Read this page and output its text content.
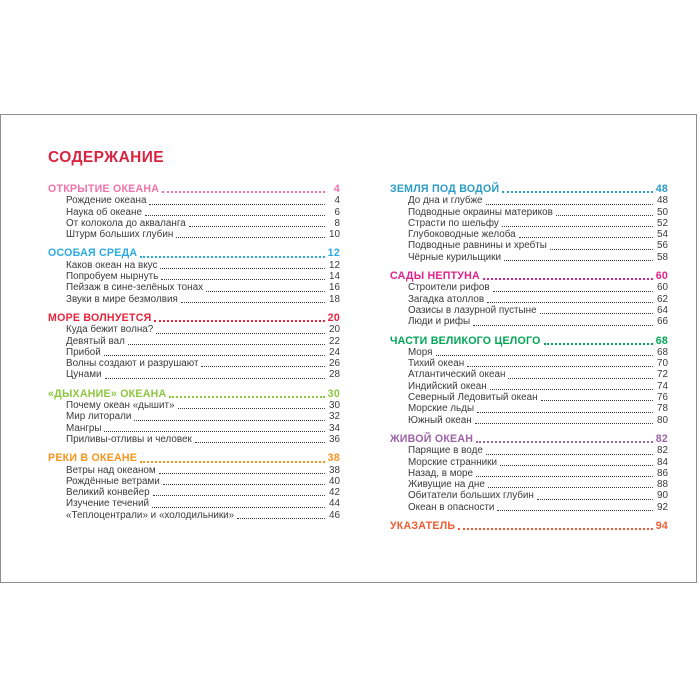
СОДЕРЖАНИЕ
ОТКРЫТИЕ ОКЕАНА	4
Рождение океана	4
Наука об океане	6
От колокола до акваланга	8
Штурм больших глубин	10
ОСОБАЯ СРЕДА	12
Каков океан на вкус	12
Попробуем нырнуть	14
Пейзаж в сине-зелёных тонах	16
Звуки в мире безмолвия	18
МОРЕ ВОЛНУЕТСЯ	20
Куда бежит волна?	20
Девятый вал	22
Прибой	24
Волны создают и разрушают	26
Цунами	28
«ДЫХАНИЕ» ОКЕАНА	30
Почему океан «дышит»	30
Мир литорали	32
Мангры	34
Приливы-отливы и человек	36
РЕКИ В ОКЕАНЕ	38
Ветры над океаном	38
Рождённые ветрами	40
Великий конвейер	42
Изучение течений	44
«Теплоцентрали» и «холодильники»	46
ЗЕМЛЯ ПОД ВОДОЙ	48
До дна и глубже	48
Подводные окраины материков	50
Страсти по шельфу	52
Глубоководные желоба	54
Подводные равнины и хребты	56
Чёрные курильщики	58
САДЫ НЕПТУНА	60
Строители рифов	60
Загадка атоллов	62
Оазисы в лазурной пустыне	64
Люди и рифы	66
ЧАСТИ ВЕЛИКОГО ЦЕЛОГО	68
Моря	68
Тихий океан	70
Атлантический океан	72
Индийский океан	74
Северный Ледовитый океан	76
Морские льды	78
Южный океан	80
ЖИВОЙ ОКЕАН	82
Парящие в воде	82
Морские странники	84
Назад, в море	86
Живущие на дне	88
Обитатели больших глубин	90
Океан в опасности	92
УКАЗАТЕЛЬ	94
